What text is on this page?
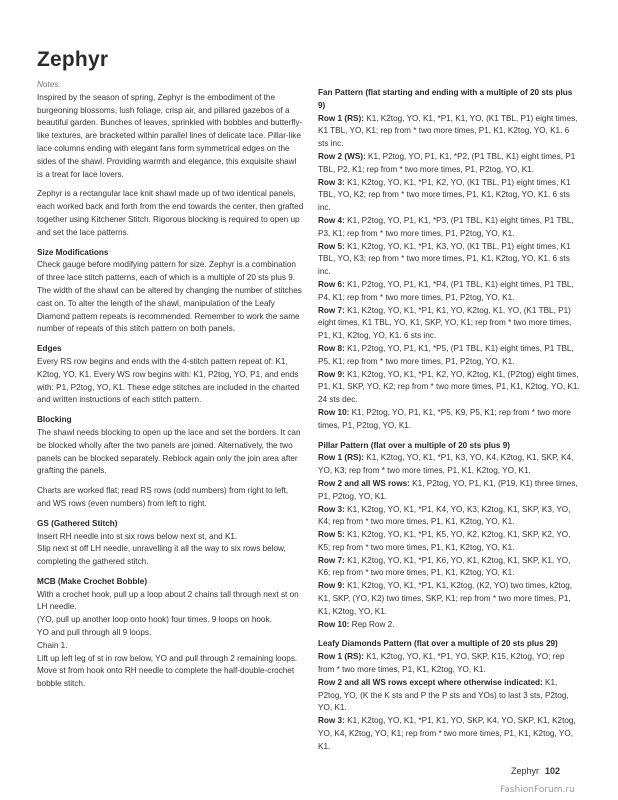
Zephyr
Notes:

Inspired by the season of spring, Zephyr is the embodiment of the burgeoning blossoms, lush foliage, crisp air, and pillared gazebos of a beautiful garden. Bunches of leaves, sprinkled with bobbles and butterfly-like textures, are bracketed within parallel lines of delicate lace. Pillar-like lace columns ending with elegant fans form symmetrical edges on the sides of the shawl. Providing warmth and elegance, this exquisite shawl is a treat for lace lovers.

Zephyr is a rectangular lace knit shawl made up of two identical panels, each worked back and forth from the end towards the center, then grafted together using Kitchener Stitch. Rigorous blocking is required to open up and set the lace patterns.

Size Modifications

Check gauge before modifying pattern for size. Zephyr is a combination of three lace stitch patterns, each of which is a multiple of 20 sts plus 9. The width of the shawl can be altered by changing the number of stitches cast on. To alter the length of the shawl, manipulation of the Leafy Diamond pattern repeats is recommended. Remember to work the same number of repeats of this stitch pattern on both panels.

Edges

Every RS row begins and ends with the 4-stitch pattern repeat of: K1, K2tog, YO, K1. Every WS row begins with: K1, P2tog, YO, P1, and ends with: P1, P2tog, YO, K1. These edge stitches are included in the charted and written instructions of each stitch pattern.

Blocking

The shawl needs blocking to open up the lace and set the borders. It can be blocked wholly after the two panels are joined. Alternatively, the two panels can be blocked separately. Reblock again only the join area after grafting the panels.

Charts are worked flat; read RS rows (odd numbers) from right to left, and WS rows (even numbers) from left to right.

GS (Gathered Stitch)
Insert RH needle into st six rows below next st, and K1.

Slip next st off LH needle, unravelling it all the way to six rows below, completing the gathered stitch.

MCB (Make Crochet Bobble)
With a crochet hook, pull up a loop about 2 chains tall through next st on LH needle.
(YO, pull up another loop onto hook) four times. 9 loops on hook.
YO and pull through all 9 loops.
Chain 1.
Lift up left leg of st in row below, YO and pull through 2 remaining loops.
Move st from hook onto RH needle to complete the half-double-crochet bobble stitch.
Fan Pattern (flat starting and ending with a multiple of 20 sts plus 9)
Row 1 (RS): K1, K2tog, YO, K1, *P1, K1, YO, (K1 TBL, P1) eight times, K1 TBL, YO, K1; rep from * two more times, P1, K1, K2tog, YO, K1. 6 sts inc.
Row 2 (WS): K1, P2tog, YO, P1, K1, *P2, (P1 TBL, K1) eight times, P1 TBL, P2, K1; rep from * two more times, P1, P2tog, YO, K1.
Row 3: K1, K2tog, YO, K1, *P1, K2, YO, (K1 TBL, P1) eight times, K1 TBL, YO, K2; rep from * two more times, P1, K1, K2tog, YO, K1. 6 sts inc.
Row 4: K1, P2tog, YO, P1, K1, *P3, (P1 TBL, K1) eight times, P1 TBL, P3, K1; rep from * two more times, P1, P2tog, YO, K1.
Row 5: K1, K2tog, YO, K1, *P1, K3, YO, (K1 TBL, P1) eight times, K1 TBL, YO, K3; rep from * two more times, P1, K1, K2tog, YO, K1. 6 sts inc.
Row 6: K1, P2tog, YO, P1, K1, *P4, (P1 TBL, K1) eight times, P1 TBL, P4, K1; rep from * two more times, P1, P2tog, YO, K1.
Row 7: K1, K2tog, YO, K1, *P1, K1, YO, K2tog, K1, YO, (K1 TBL, P1) eight times, K1 TBL, YO, K1, SKP, YO, K1; rep from * two more times, P1, K1, K2tog, YO, K1. 6 sts inc.
Row 8: K1, P2tog, YO, P1, K1, *P5, (P1 TBL, K1) eight times, P1 TBL, P5, K1; rep from * two more times, P1, P2tog, YO, K1.
Row 9: K1, K2tog, YO, K1, *P1, K2, YO, K2tog, K1, (P2tog) eight times, P1, K1, SKP, YO, K2; rep from * two more times, P1, K1, K2tog, YO, K1. 24 sts dec.
Row 10: K1, P2tog, YO, P1, K1, *P5, K9, P5, K1; rep from * two more times, P1, P2tog, YO, K1.
Pillar Pattern (flat over a multiple of 20 sts plus 9)
Row 1 (RS): K1, K2tog, YO, K1, *P1, K3, YO, K4, K2tog, K1, SKP, K4, YO, K3; rep from * two more times, P1, K1, K2tog, YO, K1.
Row 2 and all WS rows: K1, P2tog, YO, P1, K1, (P19, K1) three times, P1, P2tog, YO, K1.
Row 3: K1, K2tog, YO, K1, *P1, K4, YO, K3, K2tog, K1, SKP, K3, YO, K4; rep from * two more times, P1, K1, K2tog, YO, K1.
Row 5: K1, K2tog, YO, K1, *P1, K5, YO, K2, K2tog, K1, SKP, K2, YO, K5; rep from * two more times, P1, K1, K2tog, YO, K1.
Row 7: K1, K2tog, YO, K1, *P1, K6, YO, K1, K2tog, K1, SKP, K1, YO, K6; rep from * two more times, P1, K1, K2tog, YO, K1.
Row 9: K1, K2tog, YO, K1, *P1, K1, K2tog, (K2, YO) two times, k2tog, K1, SKP, (YO, K2) two times, SKP, K1; rep from * two more times, P1, K1, K2tog, YO, K1.
Row 10: Rep Row 2.
Leafy Diamonds Pattern (flat over a multiple of 20 sts plus 29)
Row 1 (RS): K1, K2tog, YO, K1, *P1, YO, SKP, K15, K2tog, YO; rep from * two more times, P1, K1, K2tog, YO, K1.
Row 2 and all WS rows except where otherwise indicated: K1, P2tog, YO, (K the K sts and P the P sts and YOs) to last 3 sts, P2tog, YO, K1.
Row 3: K1, K2tog, YO, K1, *P1, K1, YO, SKP, K4, YO, SKP, K1, K2tog, YO, K4, K2tog, YO, K1; rep from * two more times, P1, K1, K2tog, YO, K1.
Zephyr 102
FashionForum.ru
